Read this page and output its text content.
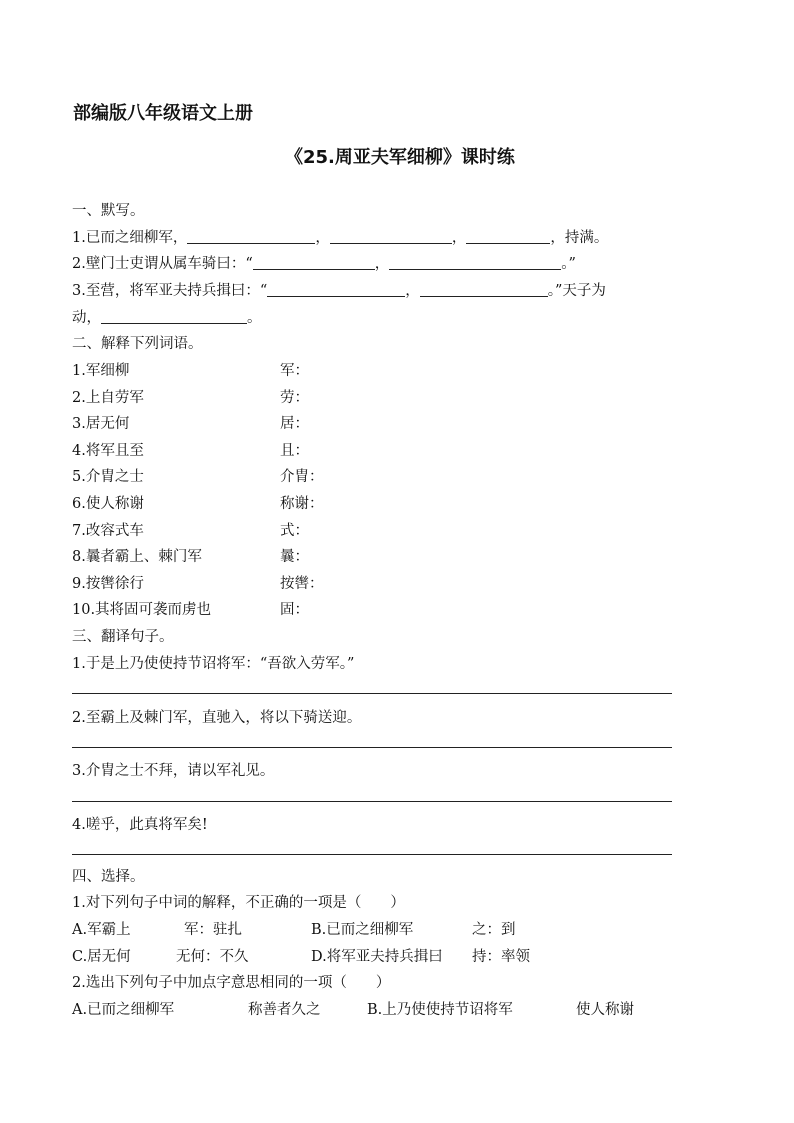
部编版八年级语文上册
《25.周亚夫军细柳》课时练
一、默写。
1.已而之细柳军，	，	，	，持满。
2.壁门士吏谓从属车骑曰：“	，	。”
3.至营，将军亚夫持兵揖曰：“	，	。”天子为
动，	。
二、解释下列词语。
1.军细柳	军：
2.上自劳军	劳：
3.居无何	居：
4.将军且至	且：
5.介胄之士	介胄：
6.使人称谢	称谢：
7.改容式车	式：
8.曩者霸上、棘门军	曩：
9.按辔徐行	按辔：
10.其将固可袭而虏也	固：
三、翻译句子。
1.于是上乃使使持节诏将军：“吾欲入劳军。”
2.至霸上及棘门军，直驰入，将以下骑送迎。
3.介胄之士不拜，请以军礼见。
4.嗟乎，此真将军矣!
四、选择。
1.对下列句子中词的解释，不正确的一项是（　　）
A.军霸上	军：驻扎	B.已而之细柳军	之：到
C.居无何	无何：不久	D.将军亚夫持兵揖曰 持：率领
2.选出下列句子中加点字意思相同的一项（　　）
A.已而之细柳军	称善者久之	B.上乃使使持节诏将军	使人称谢
